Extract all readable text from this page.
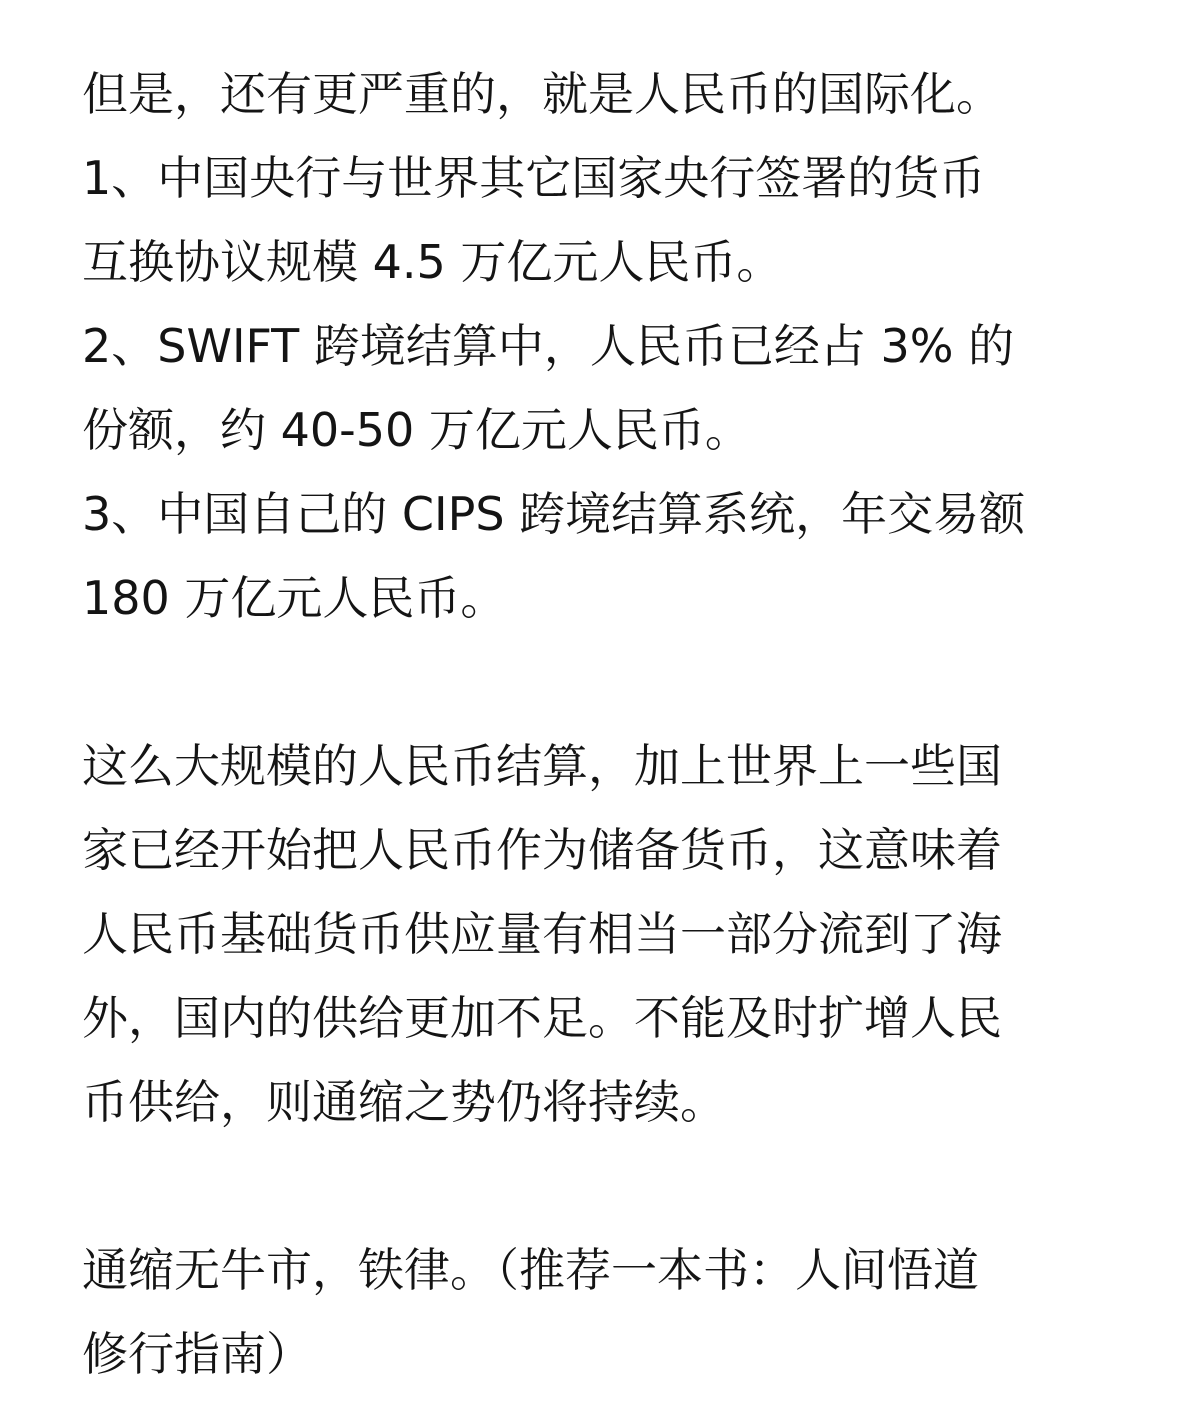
但是，还有更严重的，就是人民币的国际化。
1、中国央行与世界其它国家央行签署的货币
互换协议规模 4.5 万亿元人民币。
2、SWIFT 跨境结算中，人民币已经占 3% 的
份额，约 40-50 万亿元人民币。
3、中国自己的 CIPS 跨境结算系统，年交易额
180 万亿元人民币。
这么大规模的人民币结算，加上世界上一些国
家已经开始把人民币作为储备货币，这意味着
人民币基础货币供应量有相当一部分流到了海
外，国内的供给更加不足。不能及时扩增人民
币供给，则通缩之势仍将持续。
通缩无牛市，铁律。（推荐一本书：人间悟道
修行指南）
